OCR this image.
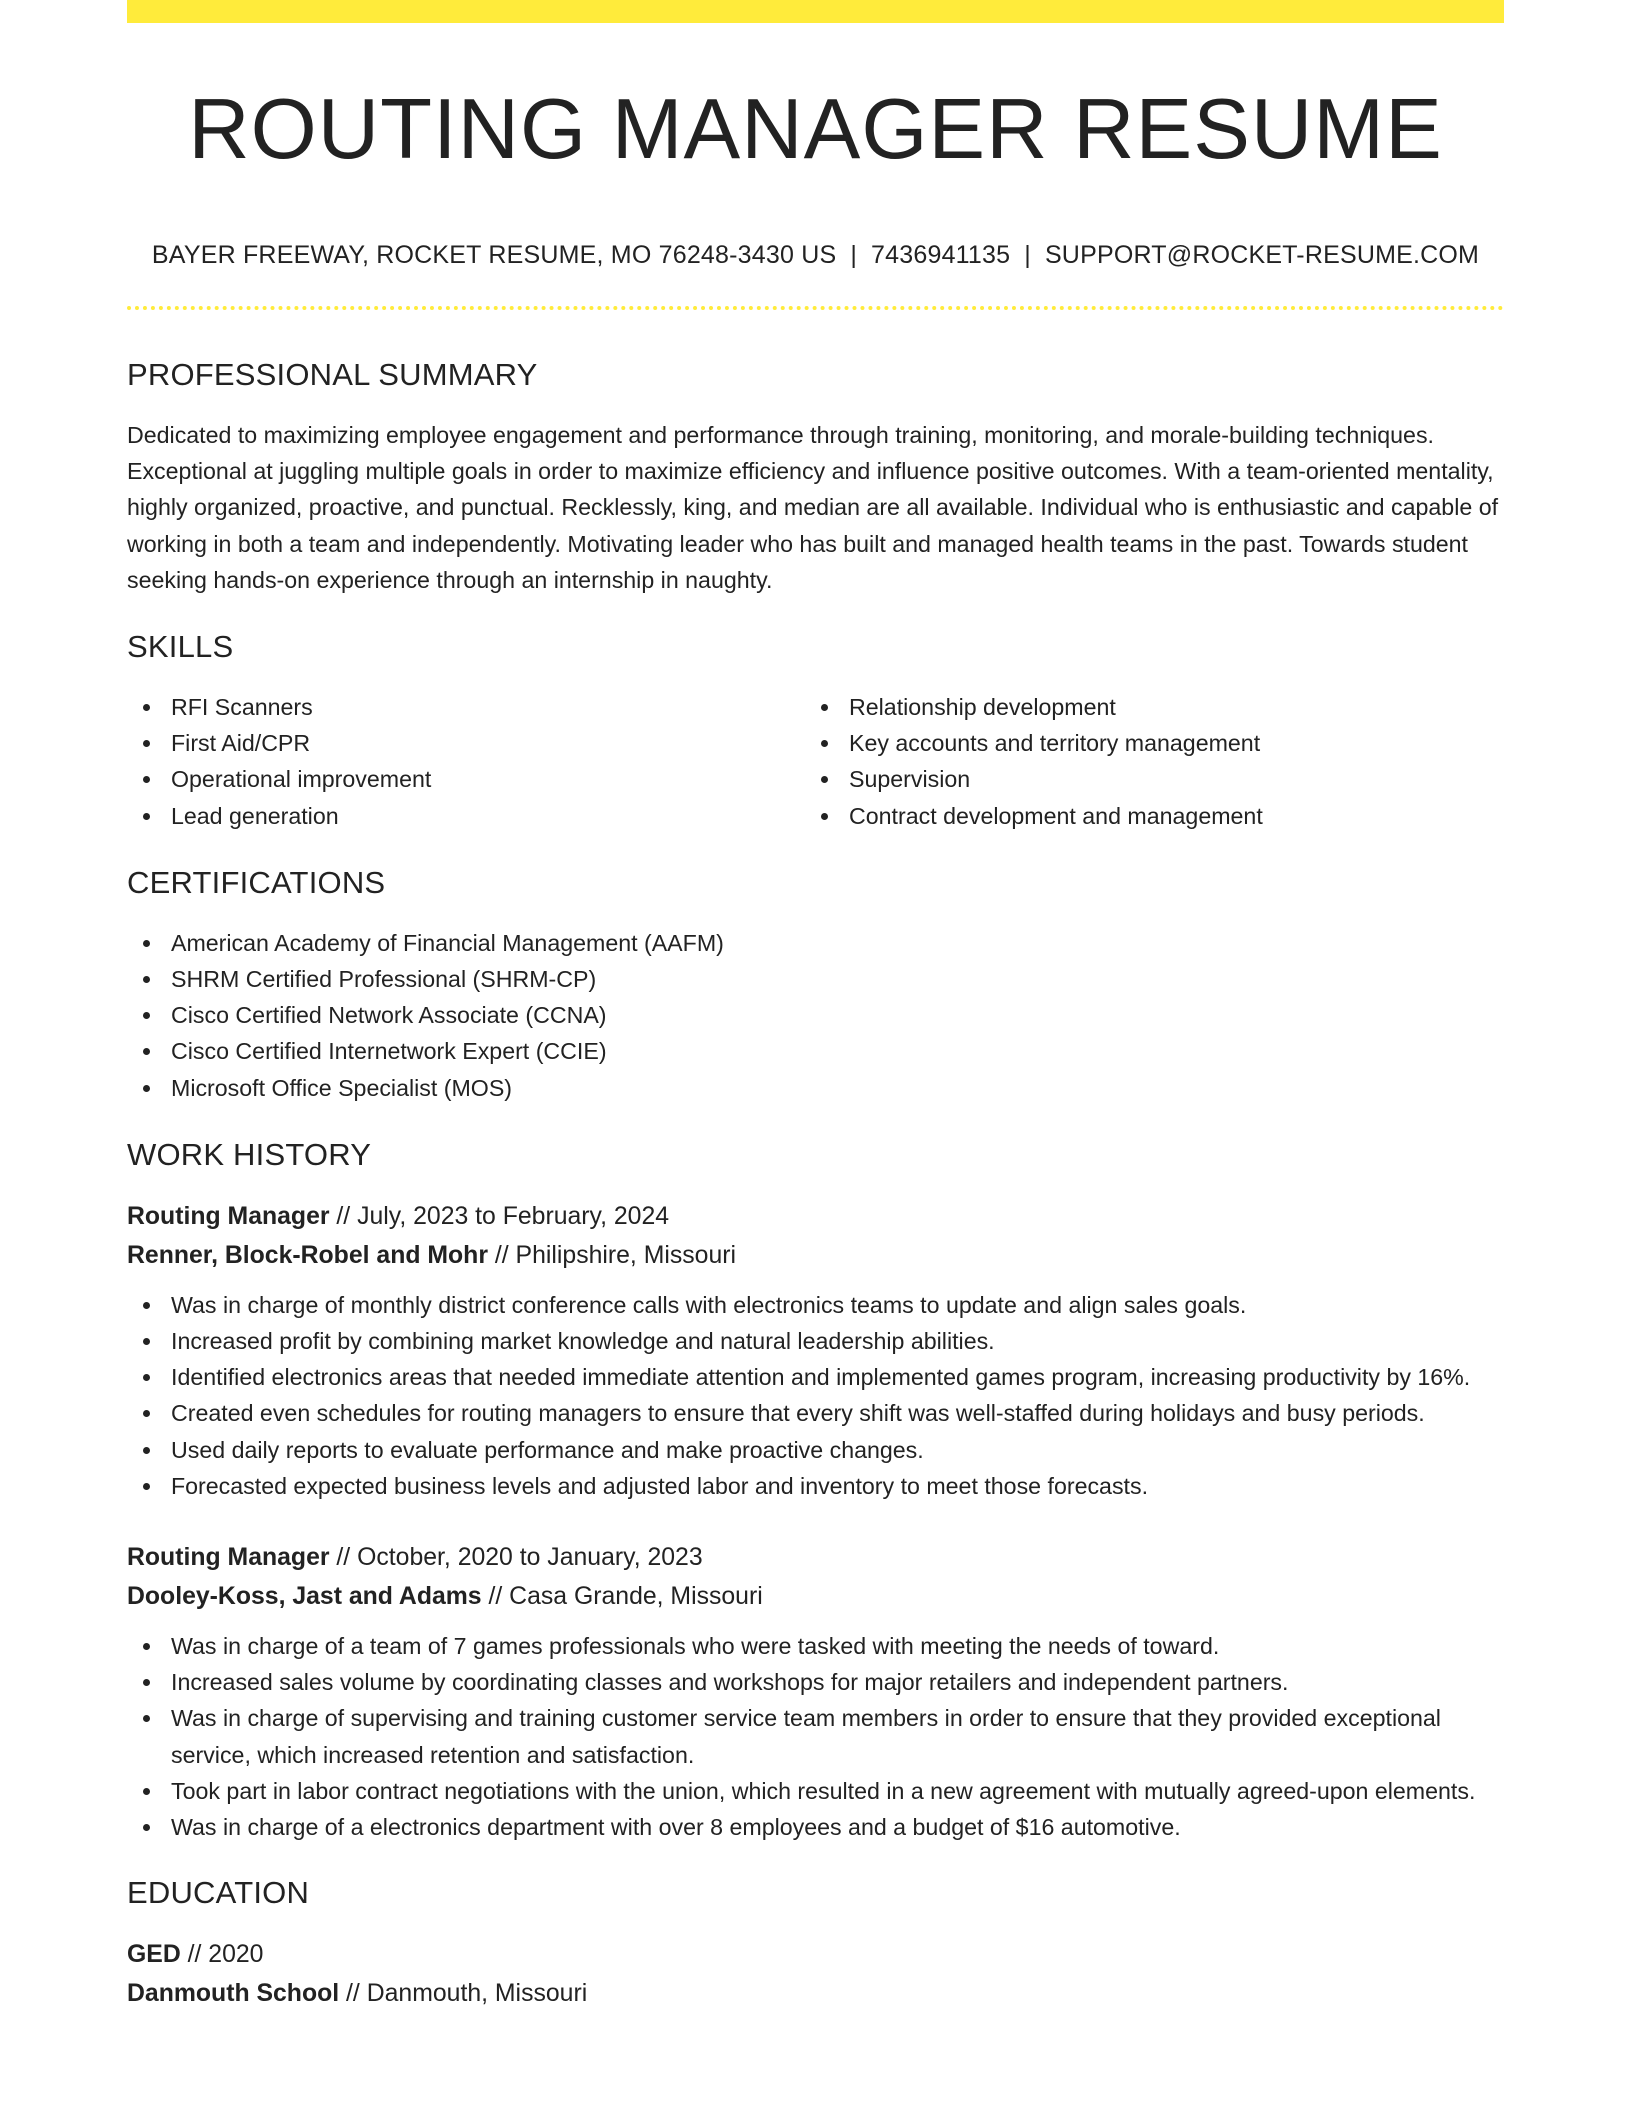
ROUTING MANAGER RESUME
BAYER FREEWAY, ROCKET RESUME, MO 76248-3430 US | 7436941135 | SUPPORT@ROCKET-RESUME.COM
PROFESSIONAL SUMMARY

Dedicated to maximizing employee engagement and performance through training, monitoring, and morale-building techniques. Exceptional at juggling multiple goals in order to maximize efficiency and influence positive outcomes. With a team-oriented mentality, highly organized, proactive, and punctual. Recklessly, king, and median are all available. Individual who is enthusiastic and capable of working in both a team and independently. Motivating leader who has built and managed health teams in the past. Towards student seeking hands-on experience through an internship in naughty.

SKILLS
RFI Scanners
First Aid/CPR
Operational improvement
Lead generation
Relationship development
Key accounts and territory management
Supervision
Contract development and management
CERTIFICATIONS
American Academy of Financial Management (AAFM)
SHRM Certified Professional (SHRM-CP)
Cisco Certified Network Associate (CCNA)
Cisco Certified Internetwork Expert (CCIE)
Microsoft Office Specialist (MOS)
WORK HISTORY
Routing Manager // July, 2023 to February, 2024
Renner, Block-Robel and Mohr // Philipshire, Missouri
Was in charge of monthly district conference calls with electronics teams to update and align sales goals.
Increased profit by combining market knowledge and natural leadership abilities.
Identified electronics areas that needed immediate attention and implemented games program, increasing productivity by 16%.
Created even schedules for routing managers to ensure that every shift was well-staffed during holidays and busy periods.
Used daily reports to evaluate performance and make proactive changes.
Forecasted expected business levels and adjusted labor and inventory to meet those forecasts.
Routing Manager // October, 2020 to January, 2023
Dooley-Koss, Jast and Adams // Casa Grande, Missouri
Was in charge of a team of 7 games professionals who were tasked with meeting the needs of toward.
Increased sales volume by coordinating classes and workshops for major retailers and independent partners.
Was in charge of supervising and training customer service team members in order to ensure that they provided exceptional service, which increased retention and satisfaction.
Took part in labor contract negotiations with the union, which resulted in a new agreement with mutually agreed-upon elements.
Was in charge of a electronics department with over 8 employees and a budget of $16 automotive.
EDUCATION
GED // 2020
Danmouth School // Danmouth, Missouri
